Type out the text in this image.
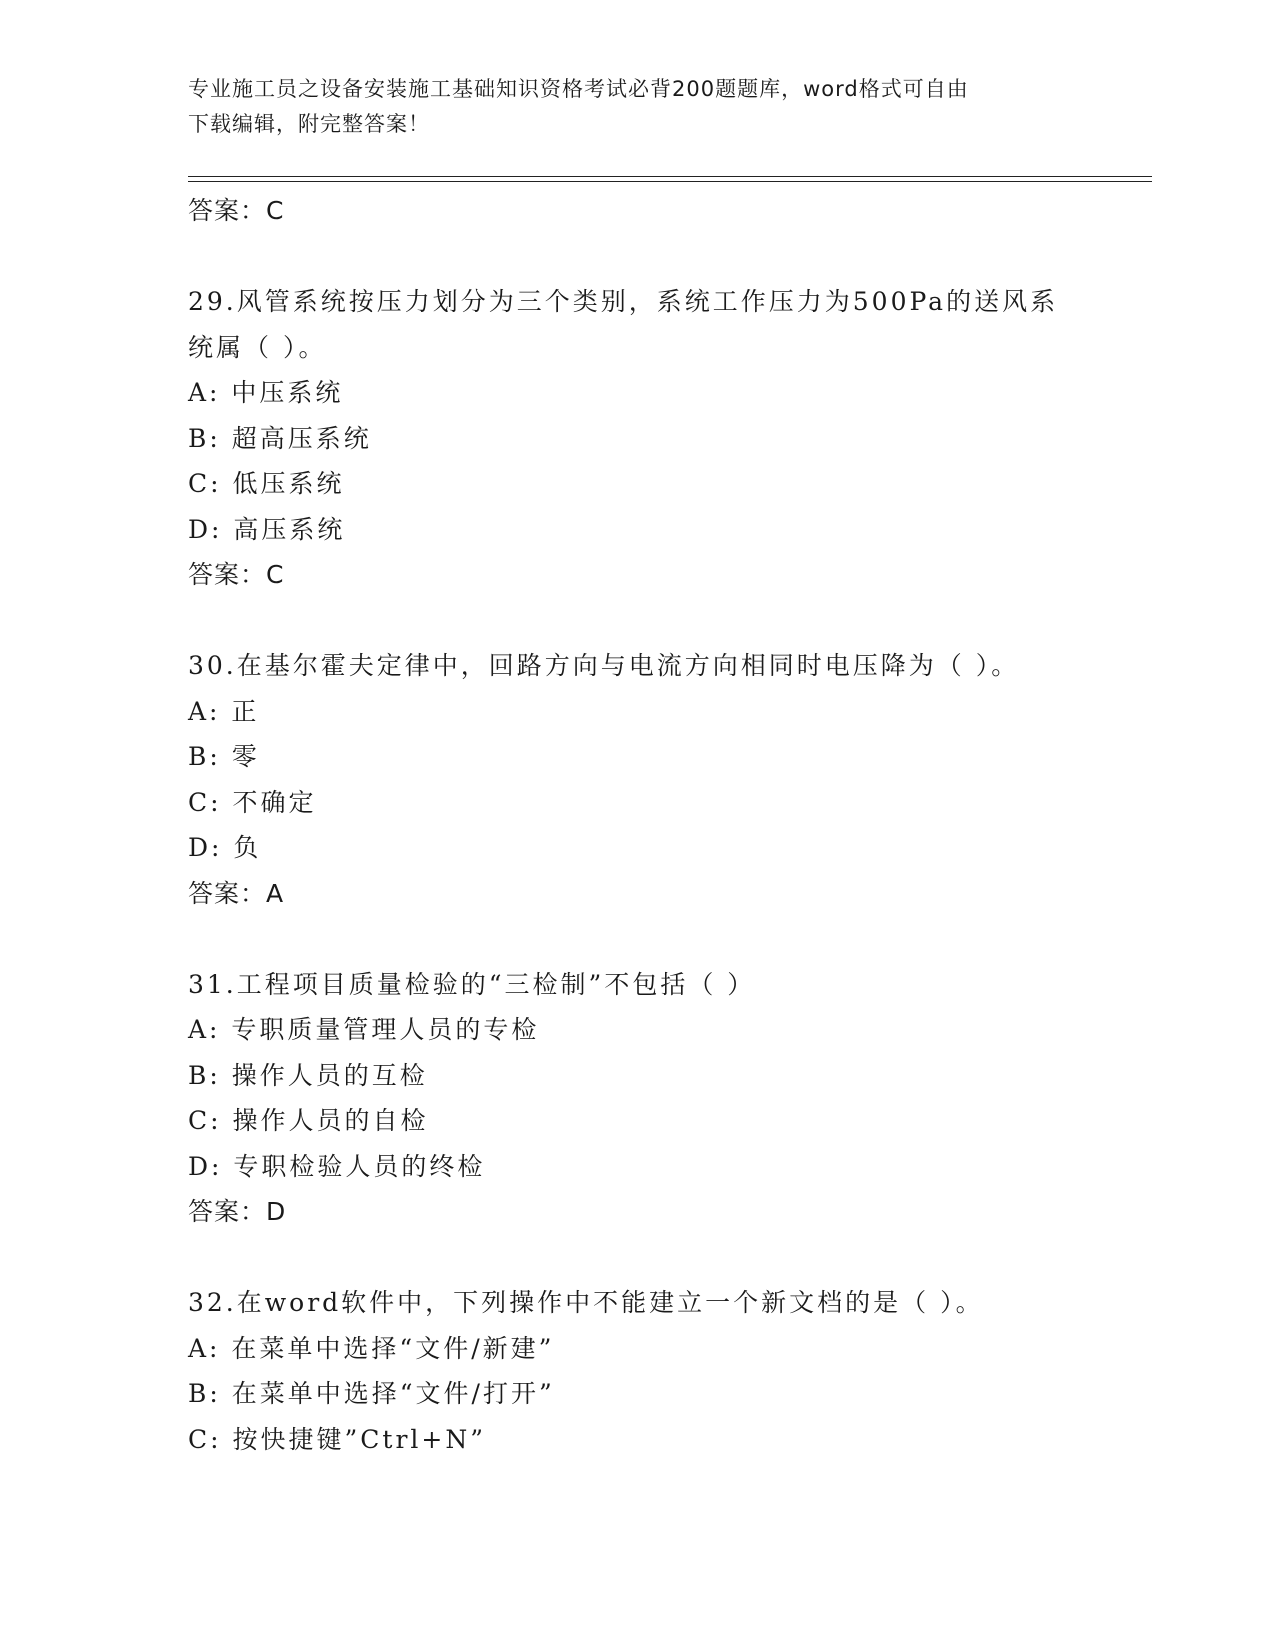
专业施工员之设备安装施工基础知识资格考试必背200题题库，word格式可自由
下载编辑，附完整答案！
答案：C
29.风管系统按压力划分为三个类别，系统工作压力为500Pa的送风系
统属（ ）。
A: 中压系统
B: 超高压系统
C: 低压系统
D: 高压系统
答案：C
30.在基尔霍夫定律中，回路方向与电流方向相同时电压降为（ ）。
A: 正
B: 零
C: 不确定
D: 负
答案：A
31.工程项目质量检验的“三检制”不包括（ ）
A: 专职质量管理人员的专检
B: 操作人员的互检
C: 操作人员的自检
D: 专职检验人员的终检
答案：D
32.在word软件中，下列操作中不能建立一个新文档的是（ ）。
A: 在菜单中选择“文件/新建”
B: 在菜单中选择“文件/打开”
C: 按快捷键”Ctrl+N”
